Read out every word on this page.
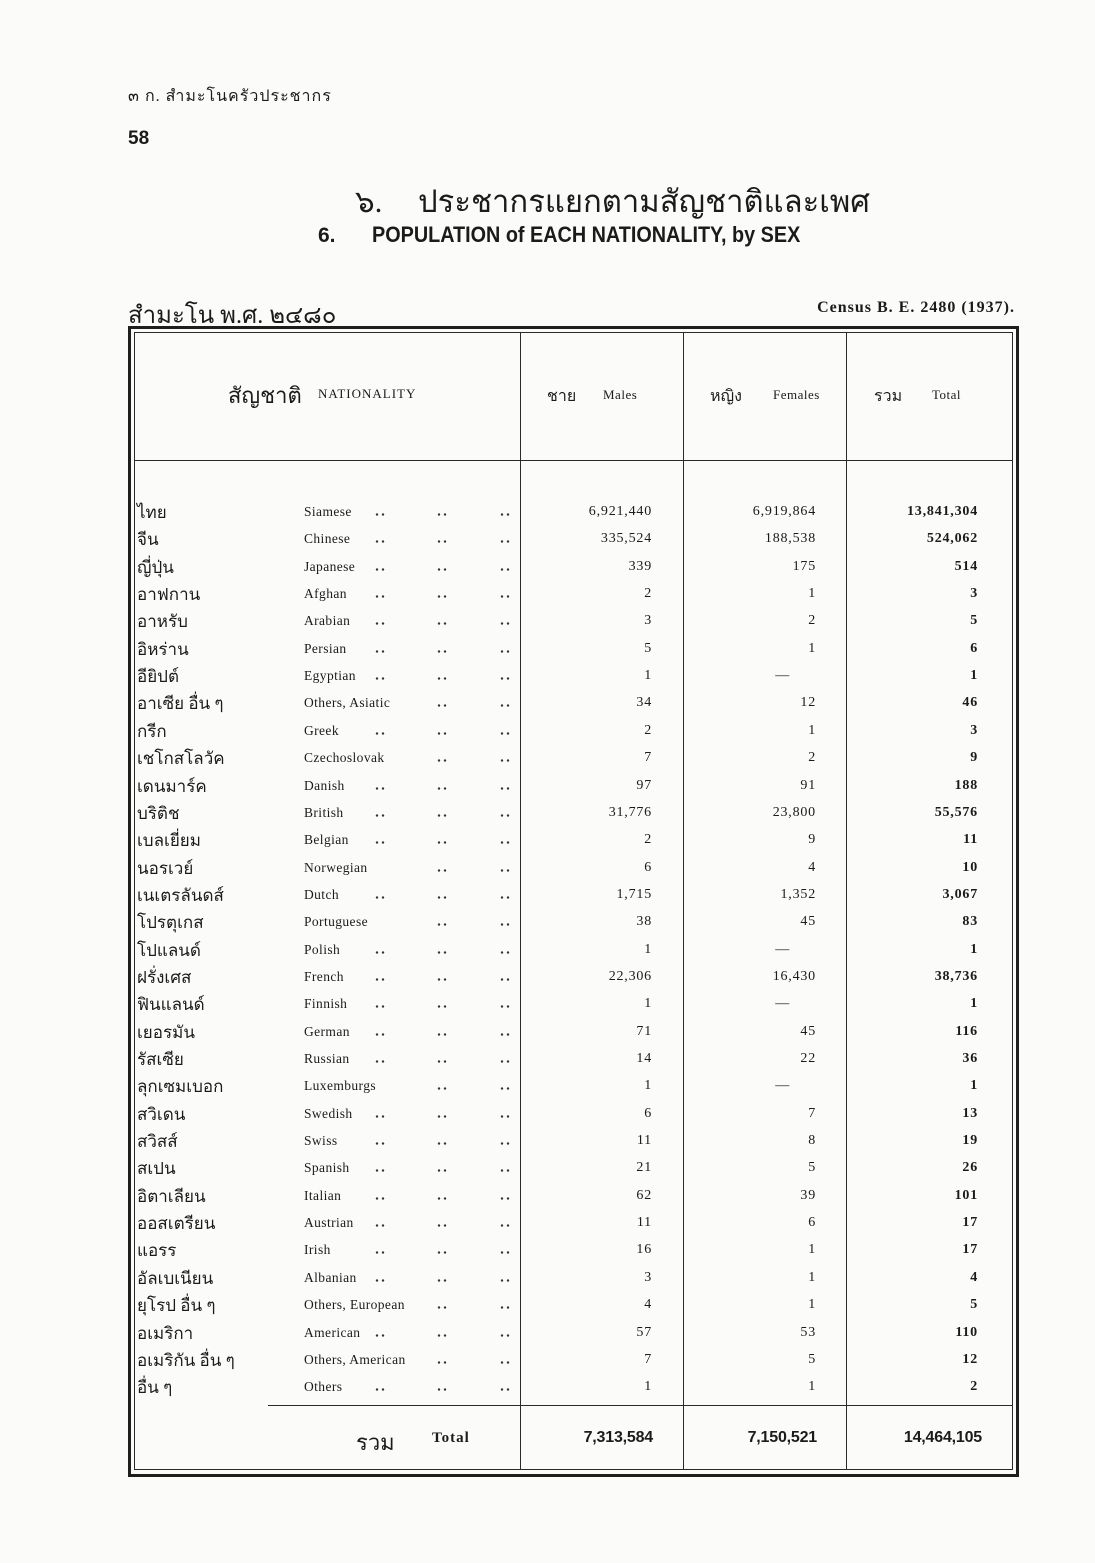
๓ ก. สำมะโนครัวประชากร
58
๖. ประชากรแยกตามสัญชาติและเพศ
6. POPULATION of EACH NATIONALITY, by SEX
สำมะโน พ.ศ. ๒๔๘๐	Census B. E. 2480 (1937).
สัญชาติ NATIONALITY	ชาย Males	หญิง Females	รวม Total
ไทย	Siamese	6,921,440	6,919,864	13,841,304
จีน	Chinese	335,524	188,538	524,062
ญี่ปุ่น	Japanese	339	175	514
อาฟกาน	Afghan	2	1	3
อาหรับ	Arabian	3	2	5
อิหร่าน	Persian	5	1	6
อียิปต์	Egyptian	1	—	1
อาเซีย อื่น ๆ	Others, Asiatic	34	12	46
กรีก	Greek	2	1	3
เชโกสโลวัค	Czechoslovak	7	2	9
เดนมาร์ค	Danish	97	91	188
บริติช	British	31,776	23,800	55,576
เบลเยี่ยม	Belgian	2	9	11
นอรเวย์	Norwegian	6	4	10
เนเตรลันดส์	Dutch	1,715	1,352	3,067
โปรตุเกส	Portuguese	38	45	83
โปแลนด์	Polish	1	—	1
ฝรั่งเศส	French	22,306	16,430	38,736
ฟินแลนด์	Finnish	1	—	1
เยอรมัน	German	71	45	116
รัสเซีย	Russian	14	22	36
ลุกเซมเบอก	Luxemburgs	1	—	1
สวิเดน	Swedish	6	7	13
สวิสส์	Swiss	11	8	19
สเปน	Spanish	21	5	26
อิตาเลียน	Italian	62	39	101
ออสเตรียน	Austrian	11	6	17
แอรร	Irish	16	1	17
อัลเบเนียน	Albanian	3	1	4
ยุโรป อื่น ๆ	Others, European	4	1	5
อเมริกา	American	57	53	110
อเมริกัน อื่น ๆ	Others, American	7	5	12
อื่น ๆ	Others	1	1	2
รวม Total	7,313,584	7,150,521	14,464,105
